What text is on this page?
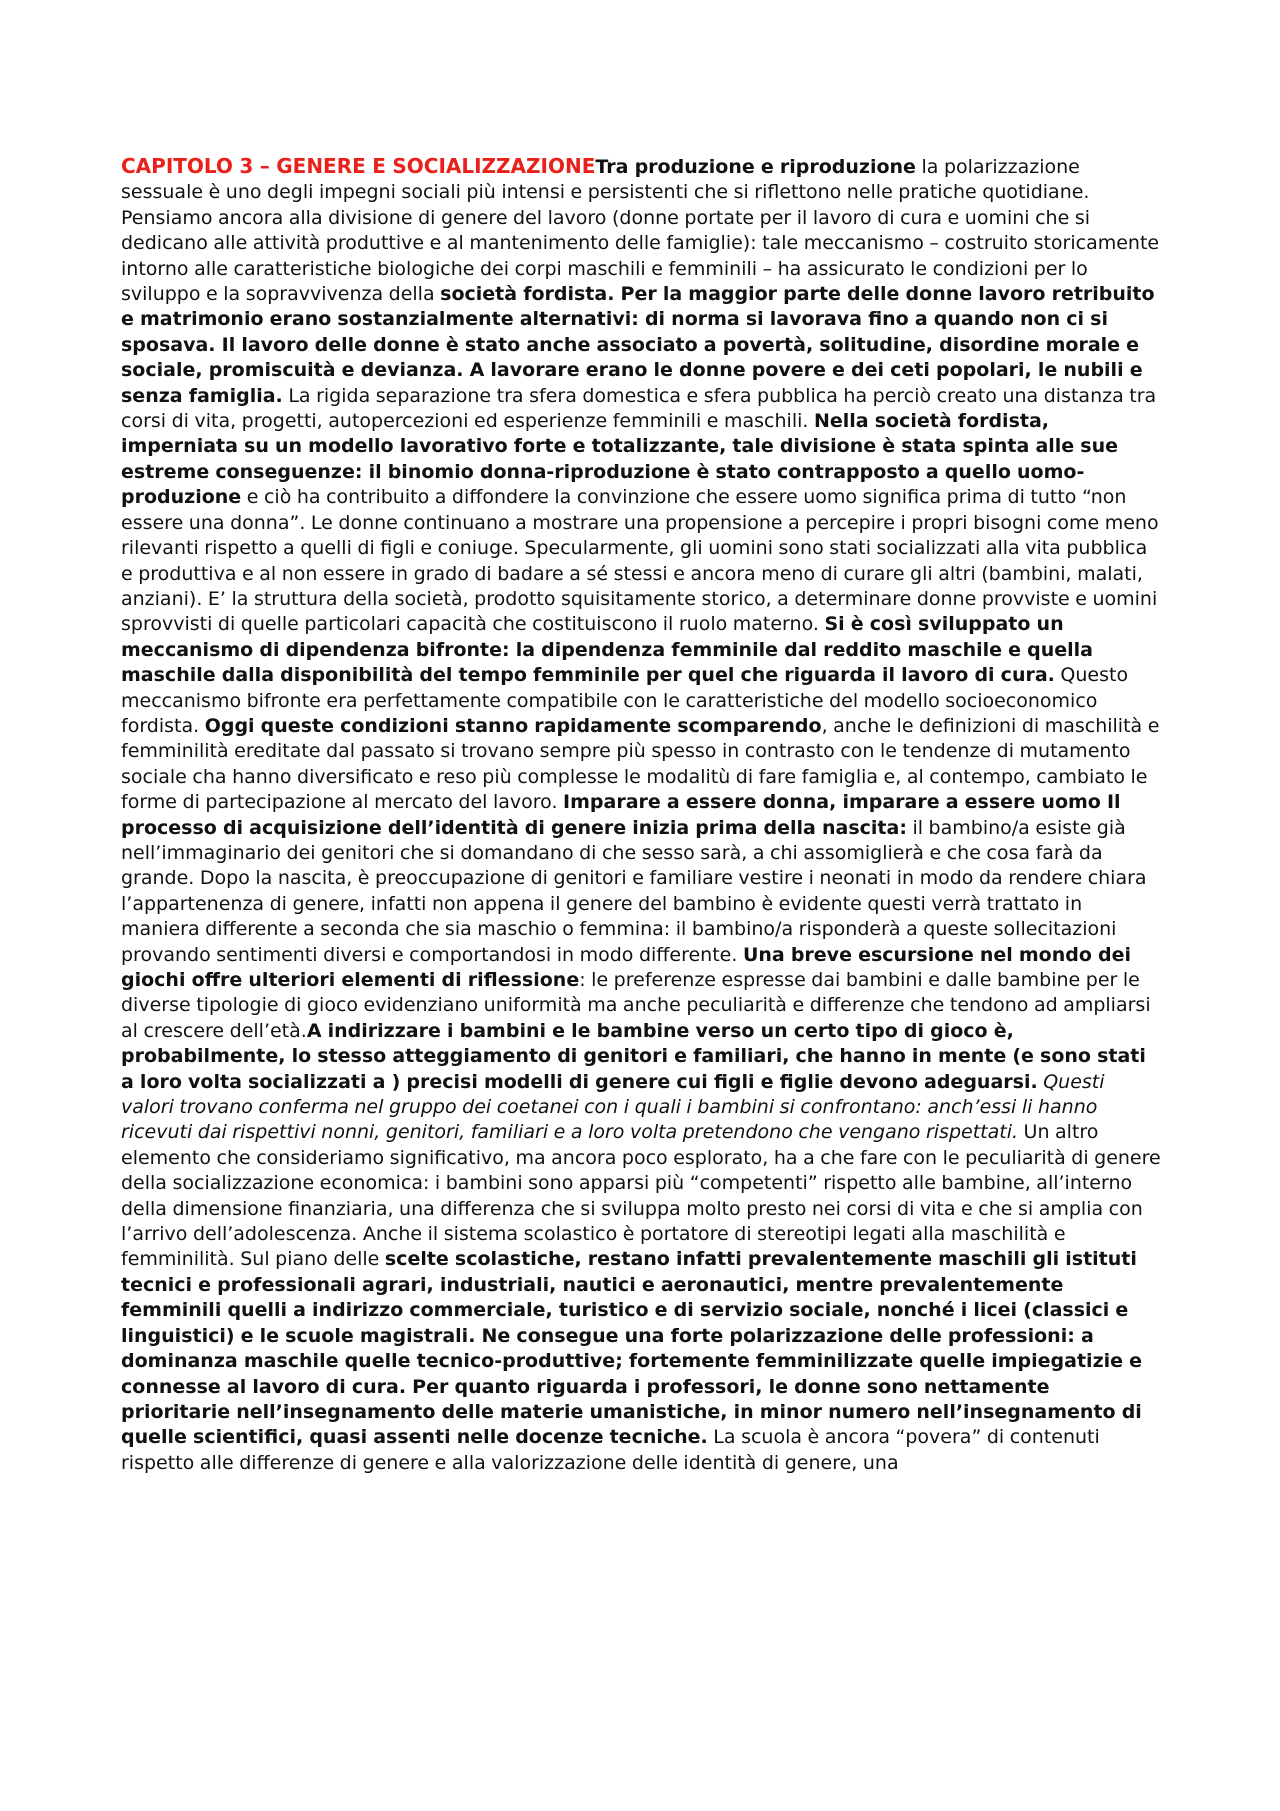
CAPITOLO 3 – GENERE E SOCIALIZZAZIONETra produzione e riproduzione la polarizzazione sessuale è uno degli impegni sociali più intensi e persistenti che si riflettono nelle pratiche quotidiane. Pensiamo ancora alla divisione di genere del lavoro (donne portate per il lavoro di cura e uomini che si dedicano alle attività produttive e al mantenimento delle famiglie): tale meccanismo – costruito storicamente intorno alle caratteristiche biologiche dei corpi maschili e femminili – ha assicurato le condizioni per lo sviluppo e la sopravvivenza della società fordista. Per la maggior parte delle donne lavoro retribuito e matrimonio erano sostanzialmente alternativi: di norma si lavorava fino a quando non ci si sposava. Il lavoro delle donne è stato anche associato a povertà, solitudine, disordine morale e sociale, promiscuità e devianza. A lavorare erano le donne povere e dei ceti popolari, le nubili e senza famiglia. La rigida separazione tra sfera domestica e sfera pubblica ha perciò creato una distanza tra corsi di vita, progetti, autopercezioni ed esperienze femminili e maschili. Nella società fordista, imperniata su un modello lavorativo forte e totalizzante, tale divisione è stata spinta alle sue estreme conseguenze: il binomio donna-riproduzione è stato contrapposto a quello uomo-produzione e ciò ha contribuito a diffondere la convinzione che essere uomo significa prima di tutto “non essere una donna”. Le donne continuano a mostrare una propensione a percepire i propri bisogni come meno rilevanti rispetto a quelli di figli e coniuge. Specularmente, gli uomini sono stati socializzati alla vita pubblica e produttiva e al non essere in grado di badare a sé stessi e ancora meno di curare gli altri (bambini, malati, anziani). E’ la struttura della società, prodotto squisitamente storico, a determinare donne provviste e uomini sprovvisti di quelle particolari capacità che costituiscono il ruolo materno. Si è così sviluppato un meccanismo di dipendenza bifronte: la dipendenza femminile dal reddito maschile e quella maschile dalla disponibilità del tempo femminile per quel che riguarda il lavoro di cura. Questo meccanismo bifronte era perfettamente compatibile con le caratteristiche del modello socioeconomico fordista. Oggi queste condizioni stanno rapidamente scomparendo, anche le definizioni di maschilità e femminilità ereditate dal passato si trovano sempre più spesso in contrasto con le tendenze di mutamento sociale cha hanno diversificato e reso più complesse le modalitù di fare famiglia e, al contempo, cambiato le forme di partecipazione al mercato del lavoro. Imparare a essere donna, imparare a essere uomo Il processo di acquisizione dell’identità di genere inizia prima della nascita: il bambino/a esiste già nell’immaginario dei genitori che si domandano di che sesso sarà, a chi assomiglierà e che cosa farà da grande. Dopo la nascita, è preoccupazione di genitori e familiare vestire i neonati in modo da rendere chiara l’appartenenza di genere, infatti non appena il genere del bambino è evidente questi verrà trattato in maniera differente a seconda che sia maschio o femmina: il bambino/a risponderà a queste sollecitazioni provando sentimenti diversi e comportandosi in modo differente. Una breve escursione nel mondo dei giochi offre ulteriori elementi di riflessione: le preferenze espresse dai bambini e dalle bambine per le diverse tipologie di gioco evidenziano uniformità ma anche peculiarità e differenze che tendono ad ampliarsi al crescere dell’età.A indirizzare i bambini e le bambine verso un certo tipo di gioco è, probabilmente, lo stesso atteggiamento di genitori e familiari, che hanno in mente (e sono stati a loro volta socializzati a ) precisi modelli di genere cui figli e figlie devono adeguarsi. Questi valori trovano conferma nel gruppo dei coetanei con i quali i bambini si confrontano: anch’essi li hanno ricevuti dai rispettivi nonni, genitori, familiari e a loro volta pretendono che vengano rispettati. Un altro elemento che consideriamo significativo, ma ancora poco esplorato, ha a che fare con le peculiarità di genere della socializzazione economica: i bambini sono apparsi più “competenti” rispetto alle bambine, all’interno della dimensione finanziaria, una differenza che si sviluppa molto presto nei corsi di vita e che si amplia con l’arrivo dell’adolescenza. Anche il sistema scolastico è portatore di stereotipi legati alla maschilità e femminilità. Sul piano delle scelte scolastiche, restano infatti prevalentemente maschili gli istituti tecnici e professionali agrari, industriali, nautici e aeronautici, mentre prevalentemente femminili quelli a indirizzo commerciale, turistico e di servizio sociale, nonché i licei (classici e linguistici) e le scuole magistrali. Ne consegue una forte polarizzazione delle professioni: a dominanza maschile quelle tecnico-produttive; fortemente femminilizzate quelle impiegatizie e connesse al lavoro di cura. Per quanto riguarda i professori, le donne sono nettamente prioritarie nell’insegnamento delle materie umanistiche, in minor numero nell’insegnamento di quelle scientifici, quasi assenti nelle docenze tecniche. La scuola è ancora “povera” di contenuti rispetto alle differenze di genere e alla valorizzazione delle identità di genere, una
